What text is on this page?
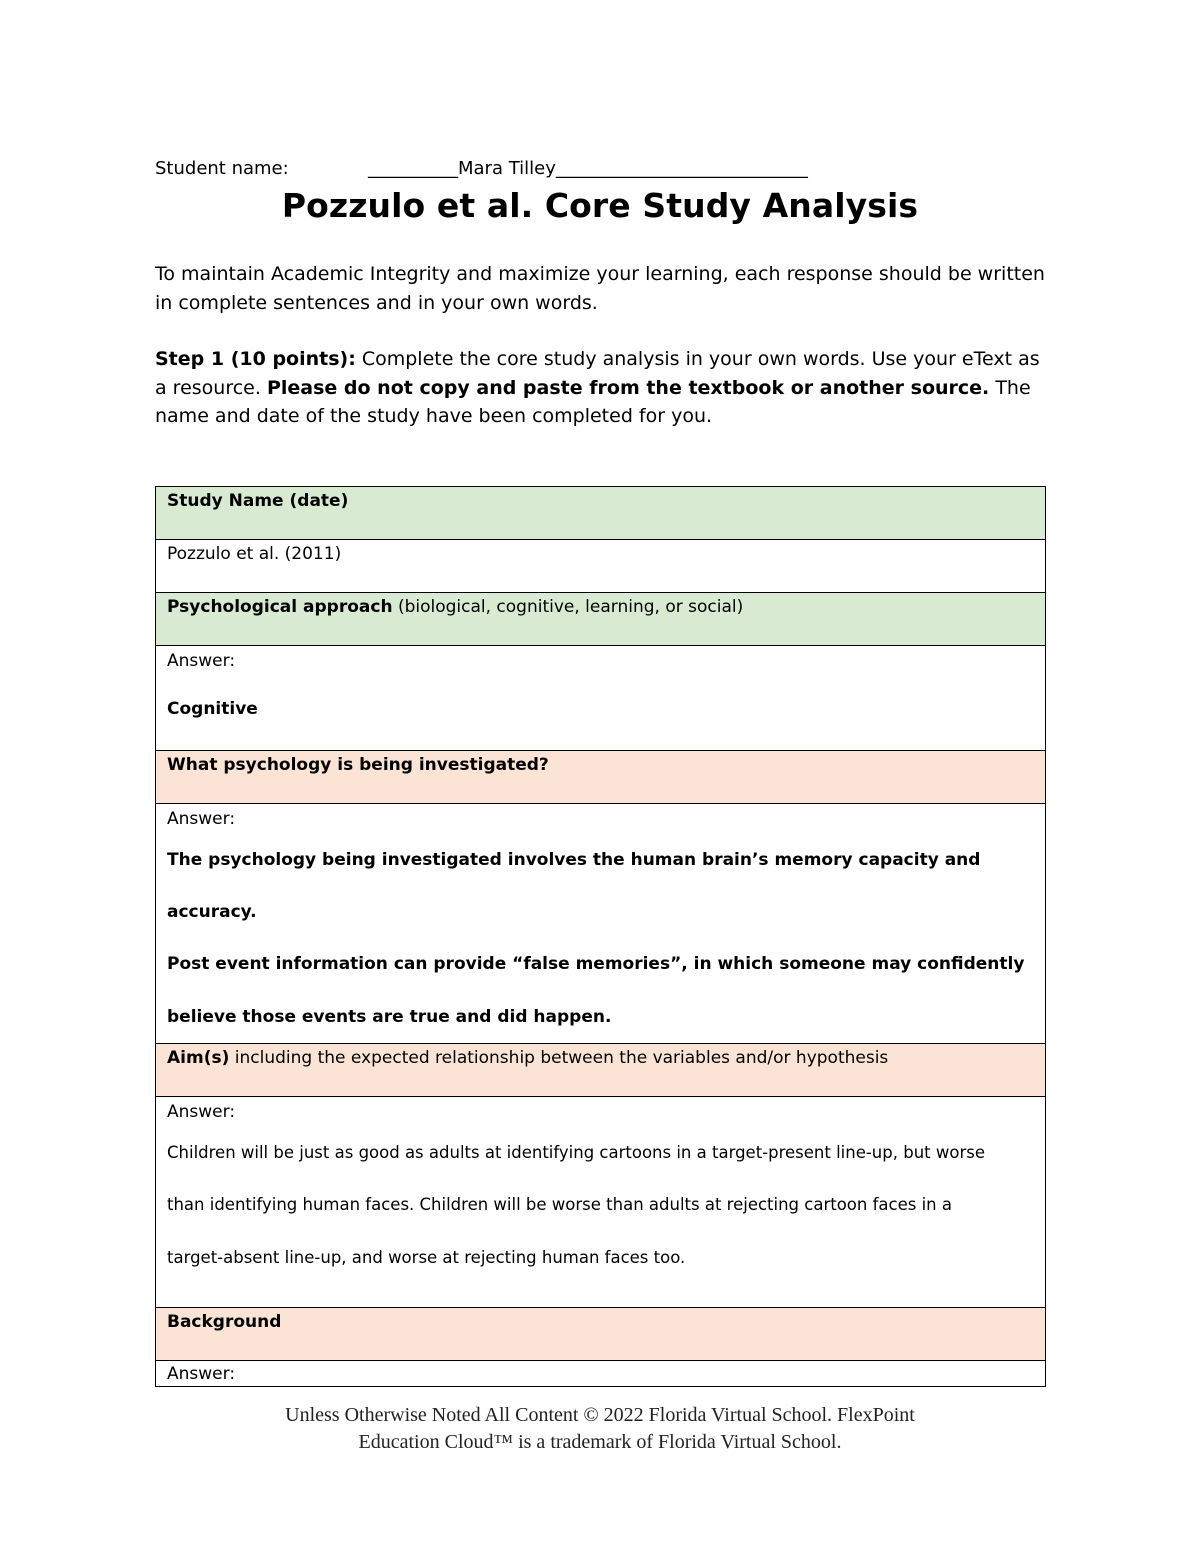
Student name:	__________Mara Tilley____________________________
Pozzulo et al. Core Study Analysis
To maintain Academic Integrity and maximize your learning, each response should be written in complete sentences and in your own words.
Step 1 (10 points): Complete the core study analysis in your own words. Use your eText as a resource. Please do not copy and paste from the textbook or another source. The name and date of the study have been completed for you.
Study Name (date)

Pozzulo et al. (2011)

Psychological approach (biological, cognitive, learning, or social)

Answer:
Cognitive

What psychology is being investigated?

Answer:
The psychology being investigated involves the human brain’s memory capacity and accuracy.
Post event information can provide “false memories”, in which someone may confidently
believe those events are true and did happen.

Aim(s) including the expected relationship between the variables and/or hypothesis

Answer:
Children will be just as good as adults at identifying cartoons in a target-present line-up, but worse
than identifying human faces. Children will be worse than adults at rejecting cartoon faces in a
target-absent line-up, and worse at rejecting human faces too.

Background

Answer:
Unless Otherwise Noted All Content © 2022 Florida Virtual School. FlexPoint
Education Cloud™ is a trademark of Florida Virtual School.
